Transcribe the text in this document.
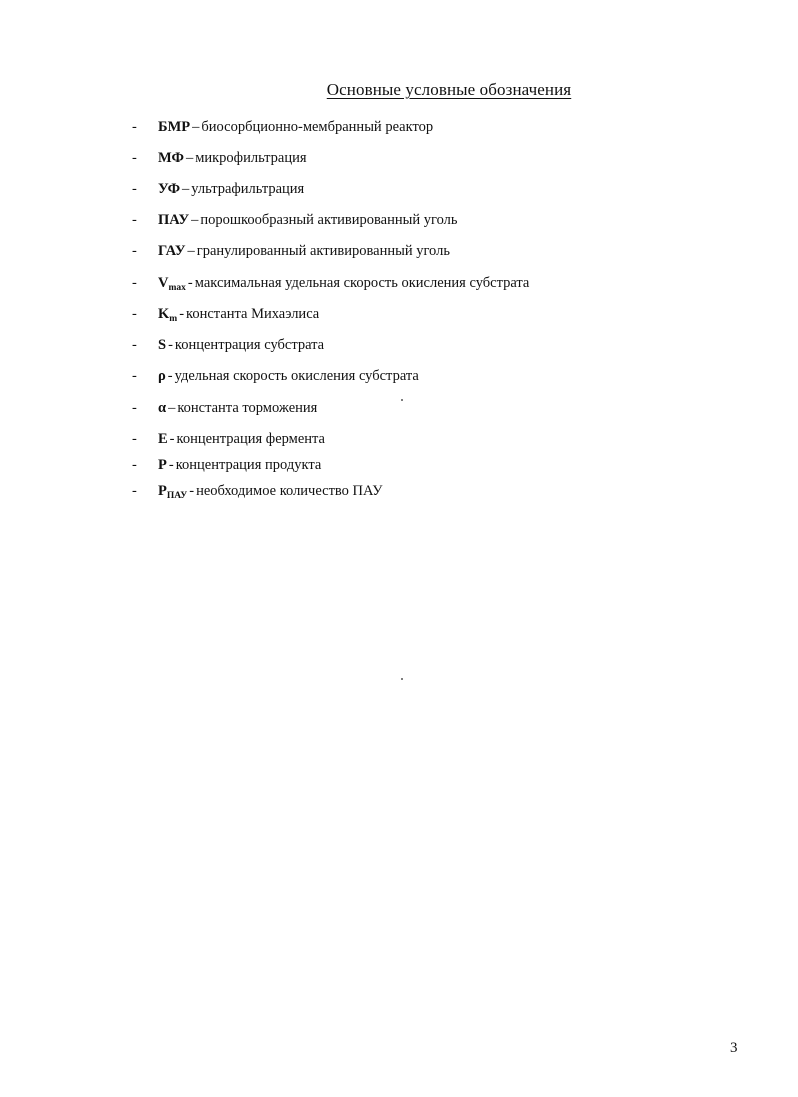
Основные условные обозначения
- БМР – биосорбционно-мембранный реактор
- МФ – микрофильтрация
- УФ – ультрафильтрация
- ПАУ – порошкообразный активированный уголь
- ГАУ – гранулированный активированный уголь
- $V_{max}$ - максимальная удельная скорость окисления субстрата
- $K_m$ - константа Михаэлиса
- S - концентрация субстрата
- ρ - удельная скорость окисления субстрата
- α – константа торможения
- E - концентрация фермента
- P - концентрация продукта
- $P_{ПАУ}$ - необходимое количество ПАУ
3
